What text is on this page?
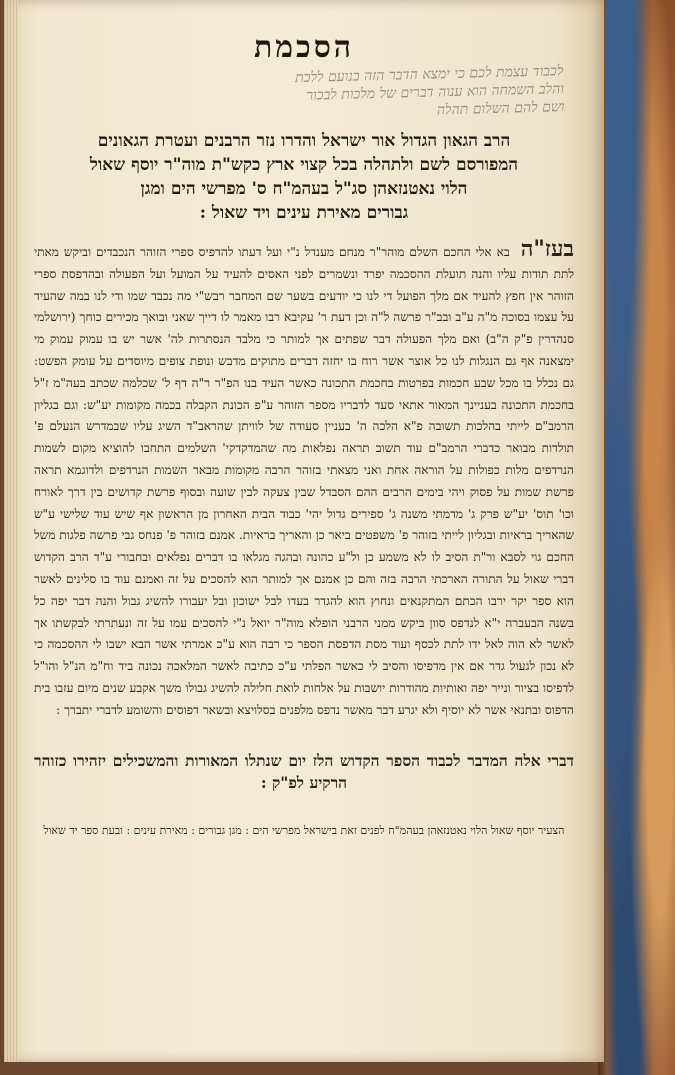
הסכמת
לכבוד עצמת לכם כי ימצא הדבר הזה בנועם ללכת
והלב השמחה הוא ענוה דברים של מלכות לבכור
ושם להם השלום תהלה
הרב הגאון הגדול אור ישראל והדרו נזר הרבנים ועטרת הגאונים
המפורסם לשם ולתהלה בכל קצוי ארץ כקש"ת מוה"ר יוסף שאול
הלוי נאטנזאהן סג"ל בעהמ"ח ס' מפרשי הים ומגן
גבורים מאירת עינים ויד שאול :
בעז"ה בא אלי החכם השלם מוהר"ר מנחם מענדל נ"י ועל דעתו להדפיס ספרי הזוהר הנכבדים וביקש מאתי לתת תודות עליו והנה תועלת ההסכמה יפרד ונשמרים לפני האסים להעיד על המועל ועל הפעולה ובהדפסת ספרי הזוהר אין חפץ להעיד אם מלך הפועל די לנו כי יודעים בשער שם המחבר רבש"י מה נכבד שמו ודי לנו במה שהעיד על עצמו בסוכה מ"ה ע"ב ובב"ר פרשה ל"ה וכן דעת ר' עקיבא רבו מאמר לו דייך שאני ובואך מכירים כוחך (ירושלמי סנהדרין פ"ק ה"ב) ואם מלך הפעולה דבר שפתים אך למותר כי מלבד הנסתרות לה' אשר יש בו עמוק עמוק מי ימצאנה אף גם הנגלות לנו כל אוצר אשר רוח בו יחזה דברים מתוקים מדבש ונופת צופים מיוסדים על עומק הפשט: גם נכלל בו מכל שבע חכמות בפרטות בחכמת התכונה כאשר העיד בנו הפ"ר ר"ה דף ל' שכלמה שכתב בעה"מ ז"ל בחכמת התכונה בעניינך המאור אתאי סעד לדבריו מספר הזוהר ע"פ הכונת הקבלה בכמה מקומות יע"ש: וגם בגליון הרמב"ם לייתי בהלכות תשובה פ"א הלכה ה' בעניין סעודה של לוויתן שהראב"ד השיג עליו שבמדרש הנעלם פ' תולדות מבואר כדברי הרמב"ם עוד תשוב תראה נפלאות מה שהמדקדקי' השלמים התחבו להוציא מקום לשמות הנרדפים מלות כפולות על הוראה אחת ואני מצאתי בזוהר הרבה מקומות מבאר השמות הנרדפים ולדוגמא תראה פרשת שמות על פסוק ויהי בימים הרבים ההם הסבדל שבין צעקה לבין שועה ובסוף פרשת קדושים בין דרך לאורח וכו' תוס' יע"ש פרק ג' מדמתי משנה ג' ספירים גדול יהי' כבוד הבית האחרון מן הראשון אף שיש עוד שלישי ע"ש שהאריך בראיות ובגליון לייתי בזוהר פ' משפטים ביאר כן והאריך בראיות. אמנם בזוהר פ' פנחס גבי פרשה פלגות משל החכם גוי לסבא ור"ת הסיב לו לא משמע כן ול"ע כהונה ובהגה מגלאו בו דברים נפלאים ובחבורי ע"ד הרב הקדוש דברי שאול על התורה הארכתי הרבה בזה והם כן אמנם אך למותר הוא להסכים על זה ואמנם עוד בו סלינים לאשר הוא ספר יקר ירבו הכתם המתקנאים ונחוץ הוא להגדר בעדו לבל ישוכון ובל יעבורו להשיג גבול והנה דבר יפה כל בשנה הבעברה י"א לנדפס סוון ביקש ממני הרבני הופלא מוה"ר יואל נ"י להסכים עמו על זה ונעתרתי לבקשתו אך לאשר לא הוה לאל ידו לתת לכסף ועוד מסת הדפסת הספר כי רבה הוא ע"כ אמרתי אשר הבא ישבו לי ההסכמה כי לא נכון לגעול גדר אם אין מדפיסו והסיב לי כאשר הפלתי ע"כ כתיבה לאשר המלאכה נכונה ביד וח"מ הנ"ל והו"ל לדפיסו בציור ונייר יפה ואותיות מהודרות יושבות על אלחות לואת חלילה להשיג גבולו משך אקבע שנים מיום עזבו בית הדפוס ובתנאי אשר לא יוסיף ולא יגרע דבר מאשר נדפס מלפנים בסלויצא ובשאר דפוסים והשומע לדברי יתברך :
דברי אלה המדבר לכבוד הספר הקדוש הלז יום שנתלו המאורות והמשכילים יזהירו כזוהר הרקיע לפ"ק :
הצעיר יוסף שאול הלוי נאטנזאהן בעהמ"ח לפנים זאת בישראל מפרשי הים : מגן גבורים : מאירת עינים : ובעת ספר יד שאול
